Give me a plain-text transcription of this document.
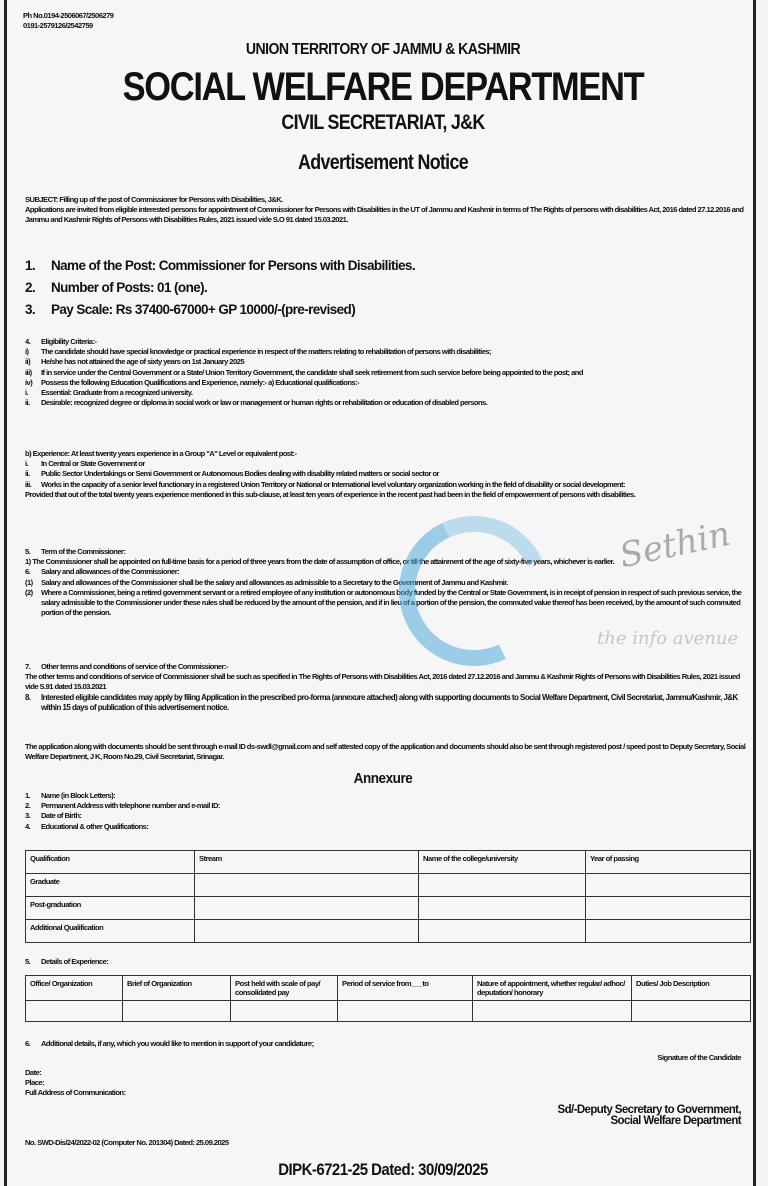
Ph No.0194-2506067/2506279
0191-2579126/2542759
UNION TERRITORY OF JAMMU & KASHMIR
SOCIAL WELFARE DEPARTMENT
CIVIL SECRETARIAT, J&K
Advertisement Notice
SUBJECT: Filling up of the post of Commissioner for Persons with Disabilities, J&K.
Applications are invited from eligible interested persons for appointment of Commissioner for Persons with Disabilities in the UT of Jammu and Kashmir in terms of The Rights of persons with disabilities Act, 2016 dated 27.12.2016 and Jammu and Kashmir Rights of Persons with Disabilities Rules, 2021 issued vide S.O 91 dated 15.03.2021.
1. Name of the Post: Commissioner for Persons with Disabilities.
2. Number of Posts: 01 (one).
3. Pay Scale: Rs 37400-67000+ GP 10000/-(pre-revised)
4.	Eligibility Criteria:-
i)	The candidate should have special knowledge or practical experience in respect of the matters relating to rehabilitation of persons with disabilities;
ii)	He/she has not attained the age of sixty years on 1st January 2025
iii)	If in service under the Central Government or a State/ Union Territory Government, the candidate shall seek retirement from such service before being appointed to the post; and
iv)	Possess the following Education Qualifications and Experience, namely:- a) Educational qualifications:-
i.	Essential: Graduate from a recognized university.
ii.	Desirable: recognized degree or diploma in social work or law or management or human rights or rehabilitation or education of disabled persons.
b) Experience: At least twenty years experience in a Group "A" Level or equivalent post:-
i.	In Central or State Government or
ii.	Public Sector Undertakings or Semi Government or Autonomous Bodies dealing with disability related matters or social sector or
iii.	Works in the capacity of a senior level functionary in a registered Union Territory or National or International level voluntary organization working in the field of disability or social development:
Provided that out of the total twenty years experience mentioned in this sub-clause, at least ten years of experience in the recent past had been in the field of empowerment of persons with disabilities.
5.	Term of the Commissioner:
1) The Commissioner shall be appointed on full-time basis for a period of three years from the date of assumption of office, or till the attainment of the age of sixty-five years, whichever is earlier.
6.	Salary and allowances of the Commissioner:
(1)	Salary and allowances of the Commissioner shall be the salary and allowances as admissible to a Secretary to the Government of Jammu and Kashmir.
(2)	Where a Commissioner, being a retired government servant or a retired employee of any institution or autonomous body funded by the Central or State Government, is in receipt of pension in respect of such previous service, the salary admissible to the Commissioner under these rules shall be reduced by the amount of the pension, and if in lieu of a portion of the pension, the commuted value thereof has been received, by the amount of such commuted portion of the pension.
7.	Other terms and conditions of service of the Commissioner:-
The other terms and conditions of service of Commissioner shall be such as specified in The Rights of Persons with Disabilities Act, 2016 dated 27.12.2016 and Jammu & Kashmir Rights of Persons with Disabilities Rules, 2021 issued vide S.91 dated 15.03.2021
8.	Interested eligible candidates may apply by filing Application in the prescribed pro-forma (annexure attached) along with supporting documents to Social Welfare Department, Civil Secretariat, Jammu/Kashmir, J&K within 15 days of publication of this advertisement notice.
The application along with documents should be sent through e-mail ID ds-swdl@gmail.com and self attested copy of the application and documents should also be sent through registered post / speed post to Deputy Secretary, Social Welfare Department, J K, Room No.29, Civil Secretariat, Srinagar.
Annexure
1.	Name (in Block Letters):
2.	Permanent Address with telephone number and e-mail ID:
3.	Date of Birth:
4.	Educational & other Qualifications:
Qualification	Stream	Name of the college/university	Year of passing
Graduate			
Post-graduation			
Additional Qualification			
5.	Details of Experience:
Office/ Organization	Brief of Organization	Post held with scale of pay/ consolidated pay	Period of service from___to	Nature of appointment, whether regular/ adhoc/ deputation/ honorary	Duties/ Job Description

6.	Additional details, if any, which you would like to mention in support of your candidature;
Signature of the Candidate
Date:
Place:
Full Address of Communication:
Sd/-Deputy Secretary to Government,
Social Welfare Department
No. SWD-Dis/24/2022-02 (Computer No. 201304) Dated: 25.09.2025
DIPK-6721-25 Dated: 30/09/2025
Sethin
the info avenue
